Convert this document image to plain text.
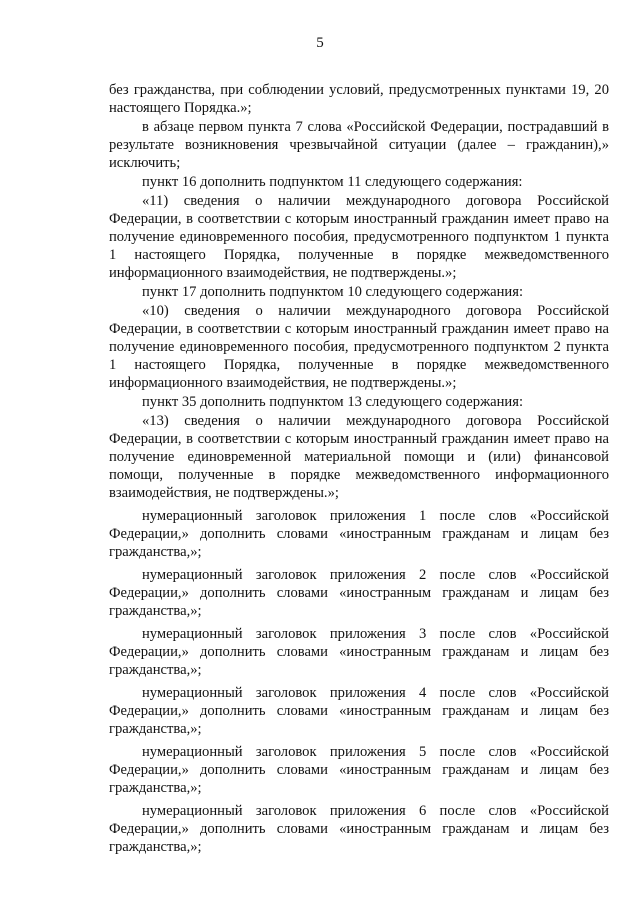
5

без гражданства, при соблюдении условий, предусмотренных пунктами 19, 20 настоящего Порядка.»;

в абзаце первом пункта 7 слова «Российской Федерации, пострадавший в результате возникновения чрезвычайной ситуации (далее – гражданин),» исключить;

пункт 16 дополнить подпунктом 11 следующего содержания:

«11) сведения о наличии международного договора Российской Федерации, в соответствии с которым иностранный гражданин имеет право на получение единовременного пособия, предусмотренного подпунктом 1 пункта 1 настоящего Порядка, полученные в порядке межведомственного информационного взаимодействия, не подтверждены.»;

пункт 17 дополнить подпунктом 10 следующего содержания:

«10) сведения о наличии международного договора Российской Федерации, в соответствии с которым иностранный гражданин имеет право на получение единовременного пособия, предусмотренного подпунктом 2 пункта 1 настоящего Порядка, полученные в порядке межведомственного информационного взаимодействия, не подтверждены.»;

пункт 35 дополнить подпунктом 13 следующего содержания:

«13) сведения о наличии международного договора Российской Федерации, в соответствии с которым иностранный гражданин имеет право на получение единовременной материальной помощи и (или) финансовой помощи, полученные в порядке межведомственного информационного взаимодействия, не подтверждены.»;

нумерационный заголовок приложения 1 после слов «Российской Федерации,» дополнить словами «иностранным гражданам и лицам без гражданства,»;

нумерационный заголовок приложения 2 после слов «Российской Федерации,» дополнить словами «иностранным гражданам и лицам без гражданства,»;

нумерационный заголовок приложения 3 после слов «Российской Федерации,» дополнить словами «иностранным гражданам и лицам без гражданства,»;

нумерационный заголовок приложения 4 после слов «Российской Федерации,» дополнить словами «иностранным гражданам и лицам без гражданства,»;

нумерационный заголовок приложения 5 после слов «Российской Федерации,» дополнить словами «иностранным гражданам и лицам без гражданства,»;

нумерационный заголовок приложения 6 после слов «Российской Федерации,» дополнить словами «иностранным гражданам и лицам без гражданства,»;
